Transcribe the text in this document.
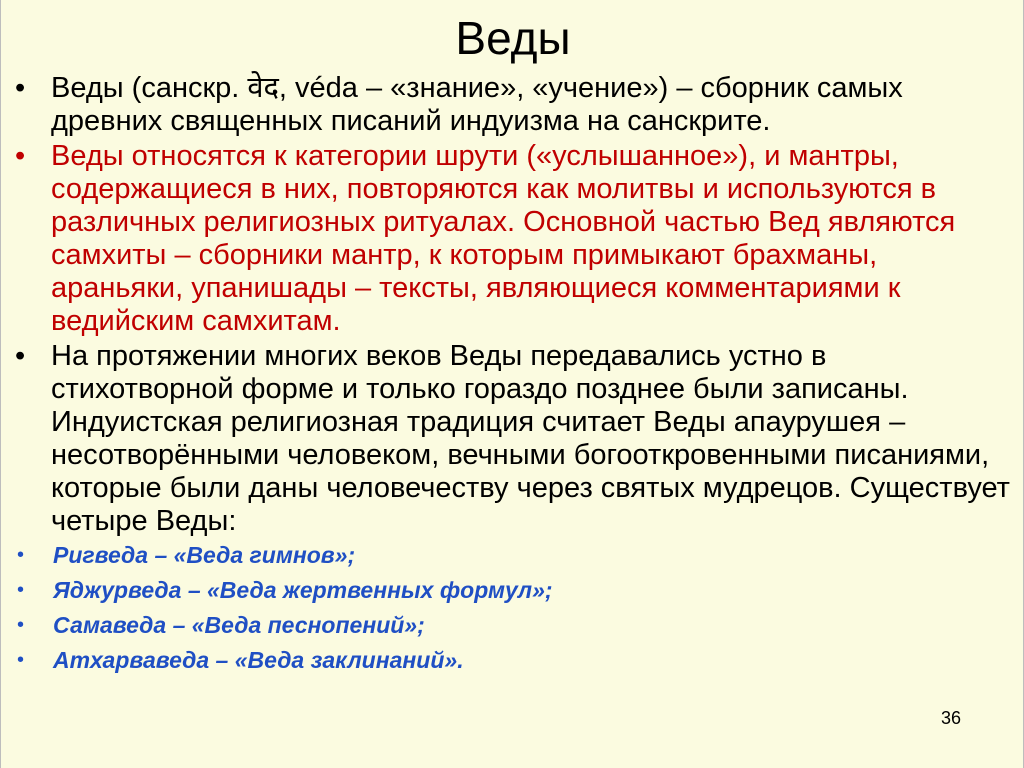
Веды
• Веды (санскр. वेद, véda – «знание», «учение») – сборник самых древних священных писаний индуизма на санскрите.
• Веды относятся к категории шрути («услышанное»), и мантры, содержащиеся в них, повторяются как молитвы и используются в различных религиозных ритуалах. Основной частью Вед являются самхиты – сборники мантр, к которым примыкают брахманы, араньяки, упанишады – тексты, являющиеся комментариями к ведийским самхитам.
• На протяжении многих веков Веды передавались устно в стихотворной форме и только гораздо позднее были записаны. Индуистская религиозная традиция считает Веды апаурушея – несотворёнными человеком, вечными богооткровенными писаниями, которые были даны человечеству через святых мудрецов. Существует четыре Веды:
•	Ригведа – «Веда гимнов»;
•	Яджурведа – «Веда жертвенных формул»;
•	Самаведа – «Веда песнопений»;
•	Атхарваведа – «Веда заклинаний».
36
